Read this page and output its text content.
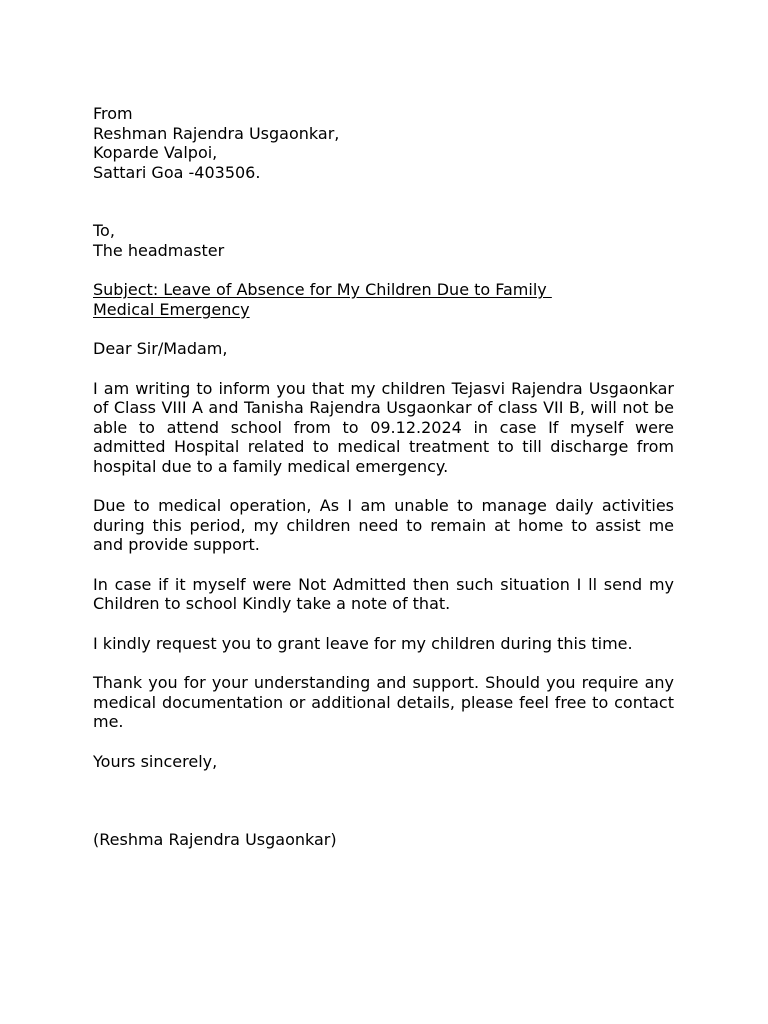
From
Reshman Rajendra Usgaonkar,
Koparde Valpoi,
Sattari Goa -403506.
To,
The headmaster
Subject: Leave of Absence for My Children Due to Family
Medical Emergency
Dear Sir/Madam,

I am writing to inform you that my children Tejasvi Rajendra Usgaonkar of Class VIII A and Tanisha Rajendra Usgaonkar of class VII B, will not be able to attend school from to 09.12.2024 in case If myself were admitted Hospital related to medical treatment to till discharge from hospital due to a family medical emergency.

Due to medical operation, As I am unable to manage daily activities during this period, my children need to remain at home to assist me and provide support.

In case if it myself were Not Admitted then such situation I ll send my Children to school Kindly take a note of that.

I kindly request you to grant leave for my children during this time.

Thank you for your understanding and support. Should you require any medical documentation or additional details, please feel free to contact me.

Yours sincerely,
(Reshma Rajendra Usgaonkar)
